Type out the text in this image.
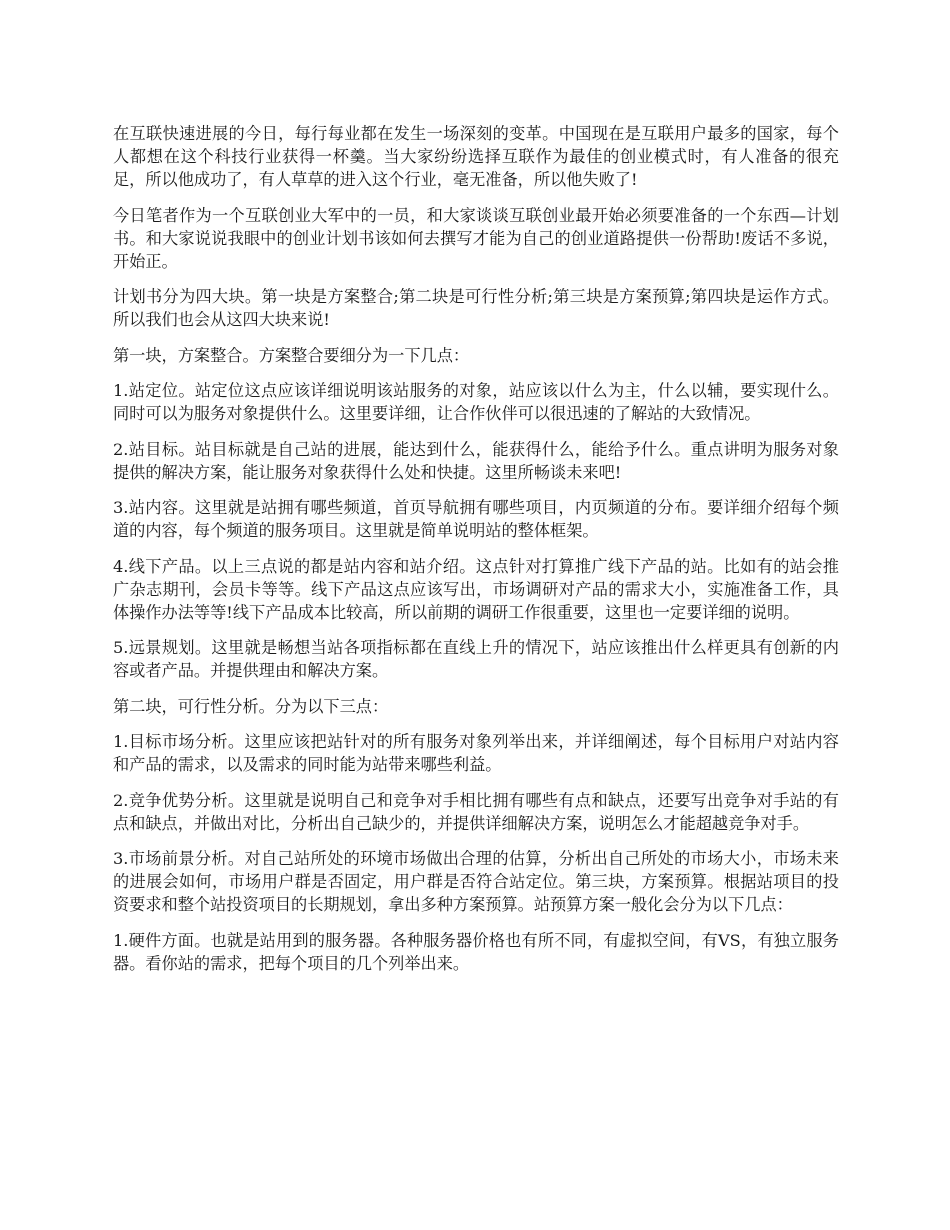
在互联快速进展的今日，每行每业都在发生一场深刻的变革。中国现在是互联用户最多的国家，每个人都想在这个科技行业获得一杯羹。当大家纷纷选择互联作为最佳的创业模式时，有人准备的很充足，所以他成功了，有人草草的进入这个行业，毫无准备，所以他失败了!

今日笔者作为一个互联创业大军中的一员，和大家谈谈互联创业最开始必须要准备的一个东西—计划书。和大家说说我眼中的创业计划书该如何去撰写才能为自己的创业道路提供一份帮助!废话不多说，开始正。

计划书分为四大块。第一块是方案整合;第二块是可行性分析;第三块是方案预算;第四块是运作方式。所以我们也会从这四大块来说!

第一块，方案整合。方案整合要细分为一下几点：

1.站定位。站定位这点应该详细说明该站服务的对象，站应该以什么为主，什么以辅，要实现什么。同时可以为服务对象提供什么。这里要详细，让合作伙伴可以很迅速的了解站的大致情况。

2.站目标。站目标就是自己站的进展，能达到什么，能获得什么，能给予什么。重点讲明为服务对象提供的解决方案，能让服务对象获得什么处和快捷。这里所畅谈未来吧!

3.站内容。这里就是站拥有哪些频道，首页导航拥有哪些项目，内页频道的分布。要详细介绍每个频道的内容，每个频道的服务项目。这里就是简单说明站的整体框架。

4.线下产品。以上三点说的都是站内容和站介绍。这点针对打算推广线下产品的站。比如有的站会推广杂志期刊，会员卡等等。线下产品这点应该写出，市场调研对产品的需求大小，实施准备工作，具体操作办法等等!线下产品成本比较高，所以前期的调研工作很重要，这里也一定要详细的说明。

5.远景规划。这里就是畅想当站各项指标都在直线上升的情况下，站应该推出什么样更具有创新的内容或者产品。并提供理由和解决方案。

第二块，可行性分析。分为以下三点：

1.目标市场分析。这里应该把站针对的所有服务对象列举出来，并详细阐述，每个目标用户对站内容和产品的需求，以及需求的同时能为站带来哪些利益。

2.竞争优势分析。这里就是说明自己和竞争对手相比拥有哪些有点和缺点，还要写出竞争对手站的有点和缺点，并做出对比，分析出自己缺少的，并提供详细解决方案，说明怎么才能超越竞争对手。

3.市场前景分析。对自己站所处的环境市场做出合理的估算，分析出自己所处的市场大小，市场未来的进展会如何，市场用户群是否固定，用户群是否符合站定位。第三块，方案预算。根据站项目的投资要求和整个站投资项目的长期规划，拿出多种方案预算。站预算方案一般化会分为以下几点：

1.硬件方面。也就是站用到的服务器。各种服务器价格也有所不同，有虚拟空间，有VS，有独立服务器。看你站的需求，把每个项目的几个列举出来。
